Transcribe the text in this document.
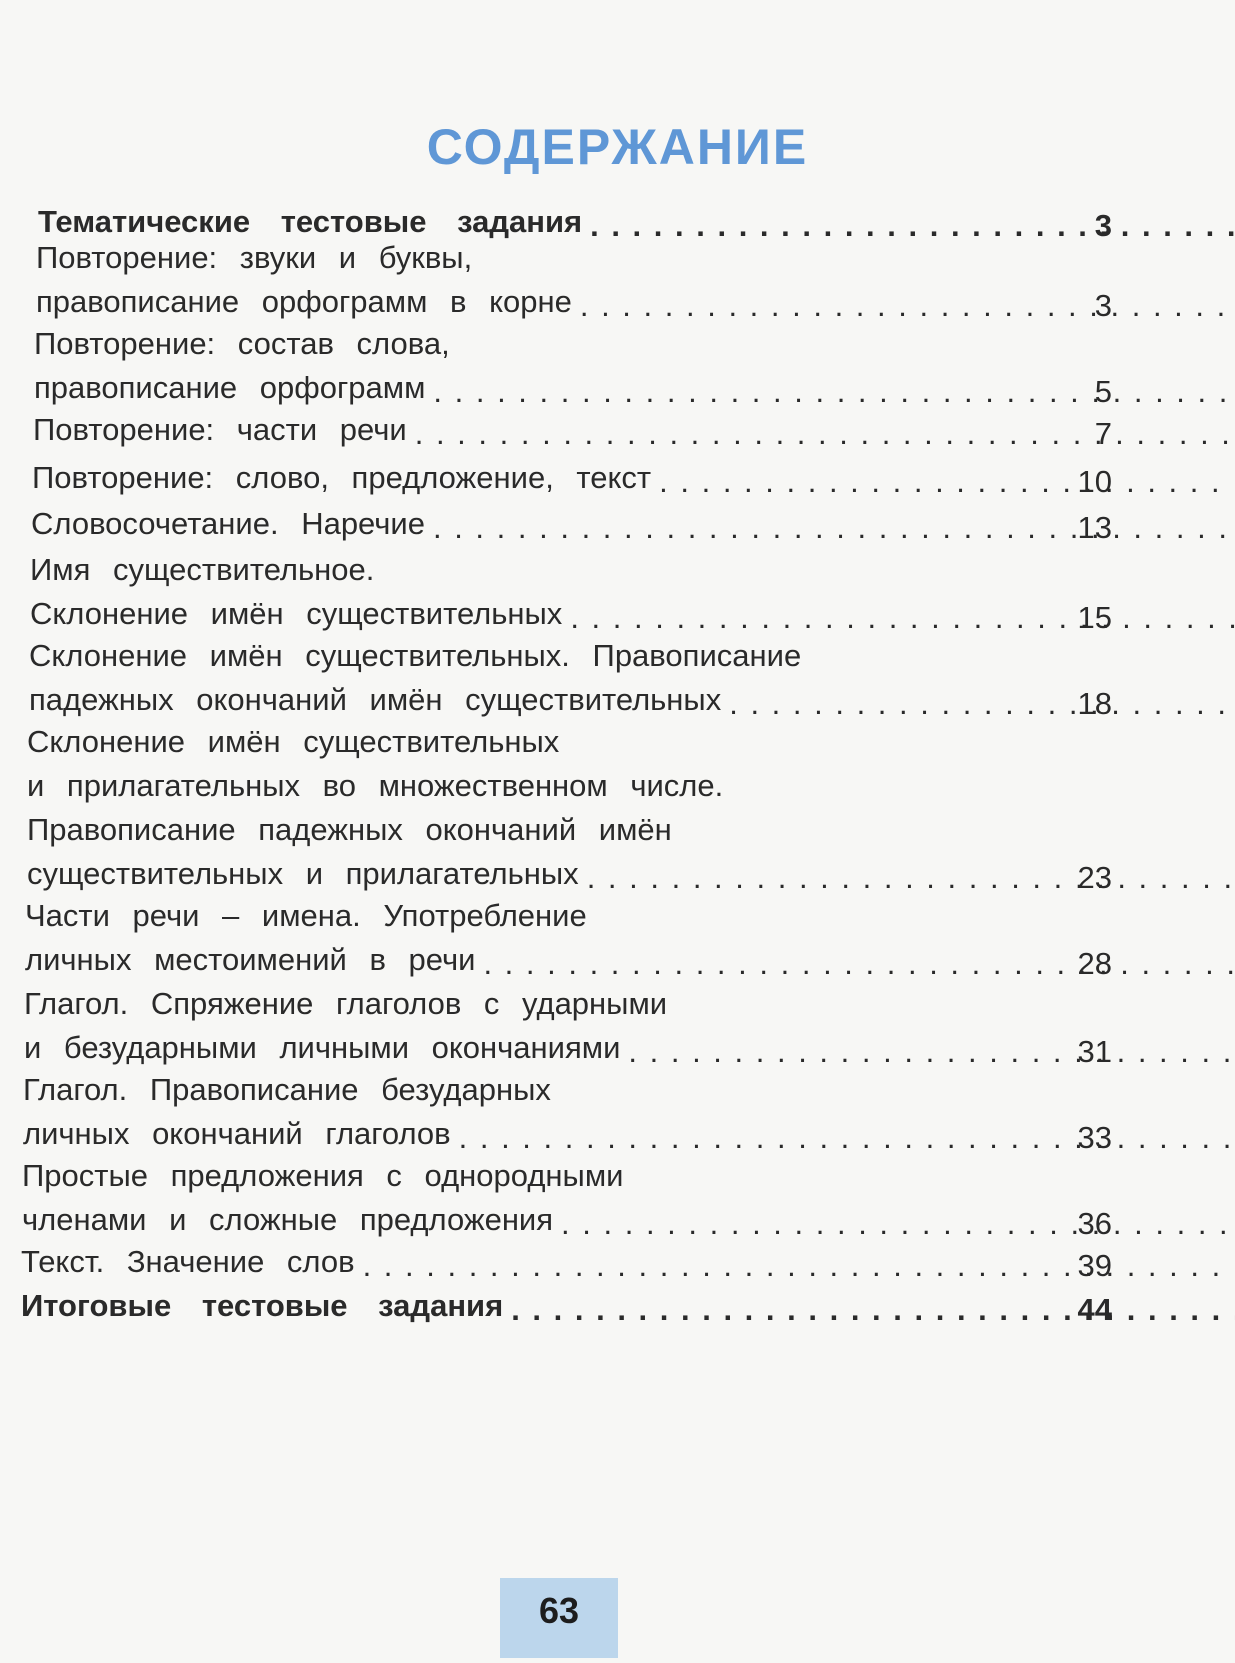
СОДЕРЖАНИЕ
Тематические тестовые задания	3
Повторение: звуки и буквы,
правописание орфограмм в корне	3
Повторение: состав слова,
правописание орфограмм	5
Повторение: части речи	7
Повторение: слово, предложение, текст	10
Словосочетание. Наречие	13
Имя существительное.
Склонение имён существительных	15
Склонение имён существительных. Правописание
падежных окончаний имён существительных	18
Склонение имён существительных
и прилагательных во множественном числе.
Правописание падежных окончаний имён
существительных и прилагательных	23
Части речи – имена. Употребление
личных местоимений в речи	28
Глагол. Спряжение глаголов с ударными
и безударными личными окончаниями	31
Глагол. Правописание безударных
личных окончаний глаголов	33
Простые предложения с однородными
членами и сложные предложения	36
Текст. Значение слов	39
Итоговые тестовые задания	44
63
